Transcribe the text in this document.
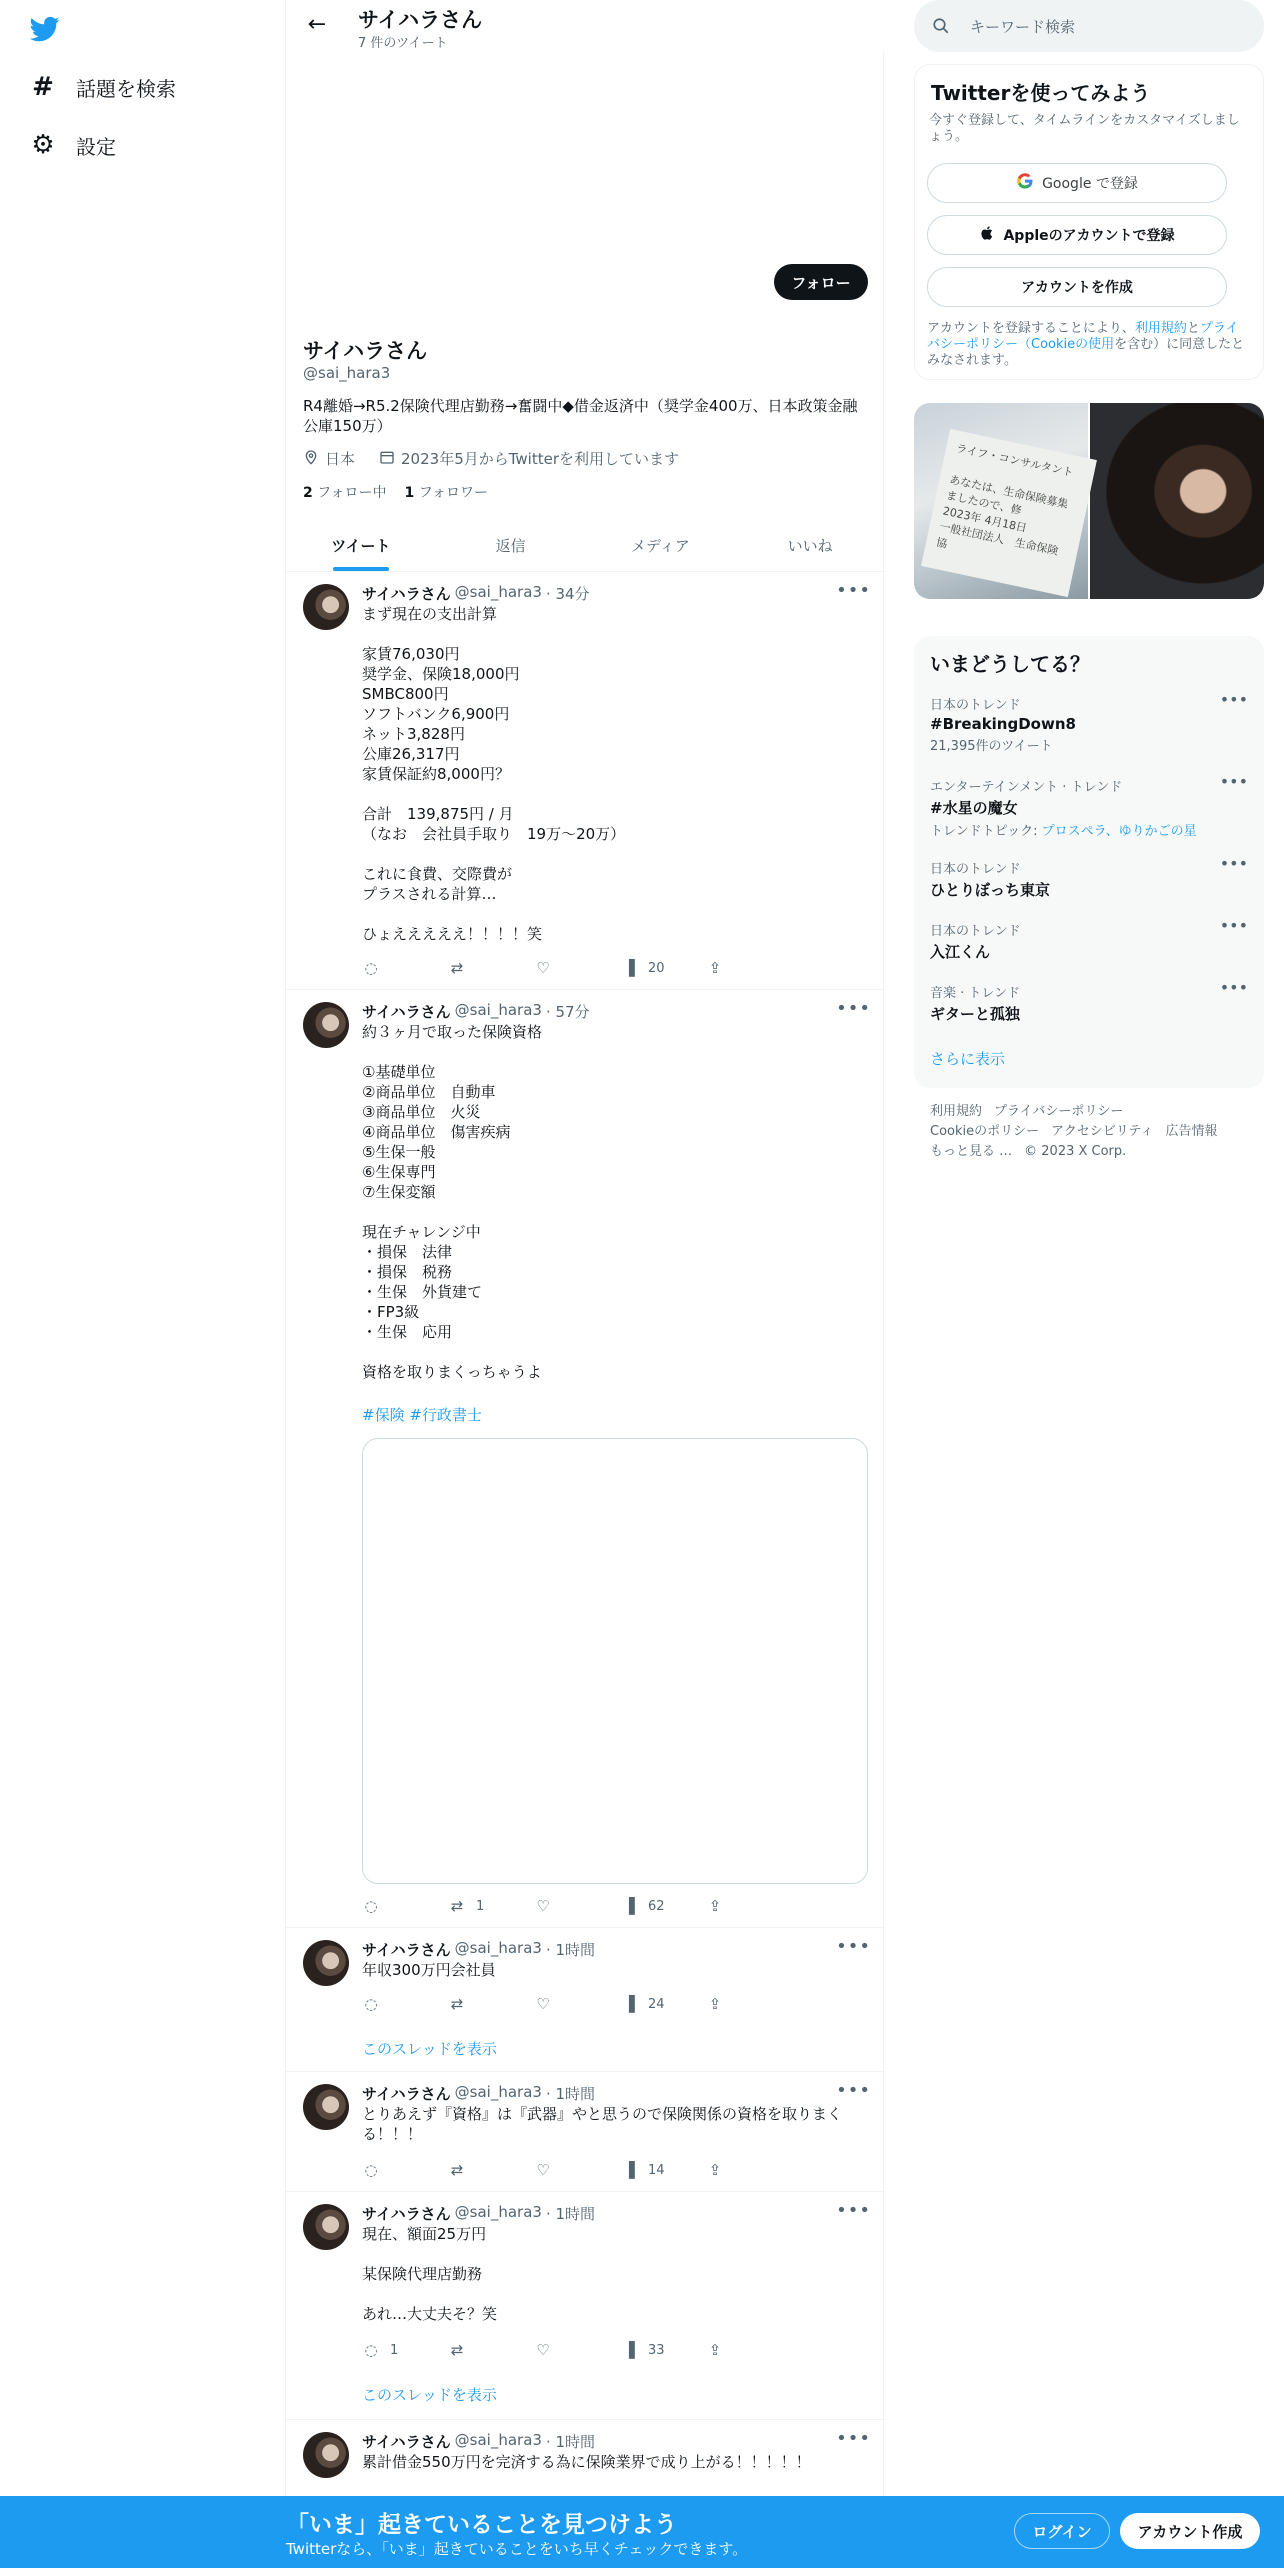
# 話題を検索
⚙ 設定
←	サイハラさん
7 件のツイート
フォロー
サイハラさん
@sai_hara3
R4離婚→R5.2保険代理店勤務→奮闘中◆借金返済中（奨学金400万、日本政策金融公庫150万）
日本	2023年5月からTwitterを利用しています
2 フォロー中 1 フォロワー
ツイート	返信	メディア	いいね
サイハラさん @sai_hara3 · 34分	•••
まず現在の支出計算

家賃76,030円
奨学金、保険18,000円
SMBC800円
ソフトバンク6,900円
ネット3,828円
公庫26,317円
家賃保証約8,000円？

合計　139,875円 / 月
（なお　会社員手取り　19万〜20万）

これに食費、交際費が
プラスされる計算…

ひょえええええ！！！！笑
◌	⇄	♡	▐ 20	⇪
サイハラさん @sai_hara3 · 57分	•••
約３ヶ月で取った保険資格

①基礎単位
②商品単位　自動車
③商品単位　火災
④商品単位　傷害疾病
⑤生保一般
⑥生保専門
⑦生保変額

現在チャレンジ中
・損保　法律
・損保　税務
・生保　外貨建て
・FP3級
・生保　応用

資格を取りまくっちゃうよ
#保険 #行政書士
◌	⇄ 1	♡	▐ 62	⇪
サイハラさん @sai_hara3 · 1時間	•••
年収300万円会社員
◌	⇄	♡	▐ 24	⇪
このスレッドを表示
サイハラさん @sai_hara3 · 1時間	•••
とりあえず『資格』は『武器』やと思うので保険関係の資格を取りまくる！！！
◌	⇄	♡	▐ 14	⇪
サイハラさん @sai_hara3 · 1時間	•••
現在、額面25万円

某保険代理店勤務

あれ…大丈夫そ？笑
◌ 1	⇄	♡	▐ 33	⇪
このスレッドを表示
サイハラさん @sai_hara3 · 1時間	•••
累計借金550万円を完済する為に保険業界で成り上がる！！！！！
キーワード検索
Twitterを使ってみよう
今すぐ登録して、タイムラインをカスタマイズしましょう。
Google で登録
Appleのアカウントで登録
アカウントを作成
アカウントを登録することにより、利用規約とプライバシーポリシー（Cookieの使用を含む）に同意したとみなされます。
ライフ・コンサルタント

あなたは、生命保険募集
ましたので、修
2023年 4月18日
一般社団法人　生命保険協
いまどうしてる？
日本のトレンド
#BreakingDown8
21,395件のツイート
•••
エンターテインメント · トレンド
#水星の魔女
トレンドトピック: プロスペラ、ゆりかごの星
•••
日本のトレンド
ひとりぼっち東京
•••
日本のトレンド
入江くん
•••
音楽 · トレンド
ギターと孤独
•••
さらに表示
利用規約 プライバシーポリシー
Cookieのポリシー アクセシビリティ 広告情報
もっと見る … © 2023 X Corp.
「いま」起きていることを見つけよう
Twitterなら、「いま」起きていることをいち早くチェックできます。
ログイン	アカウント作成
